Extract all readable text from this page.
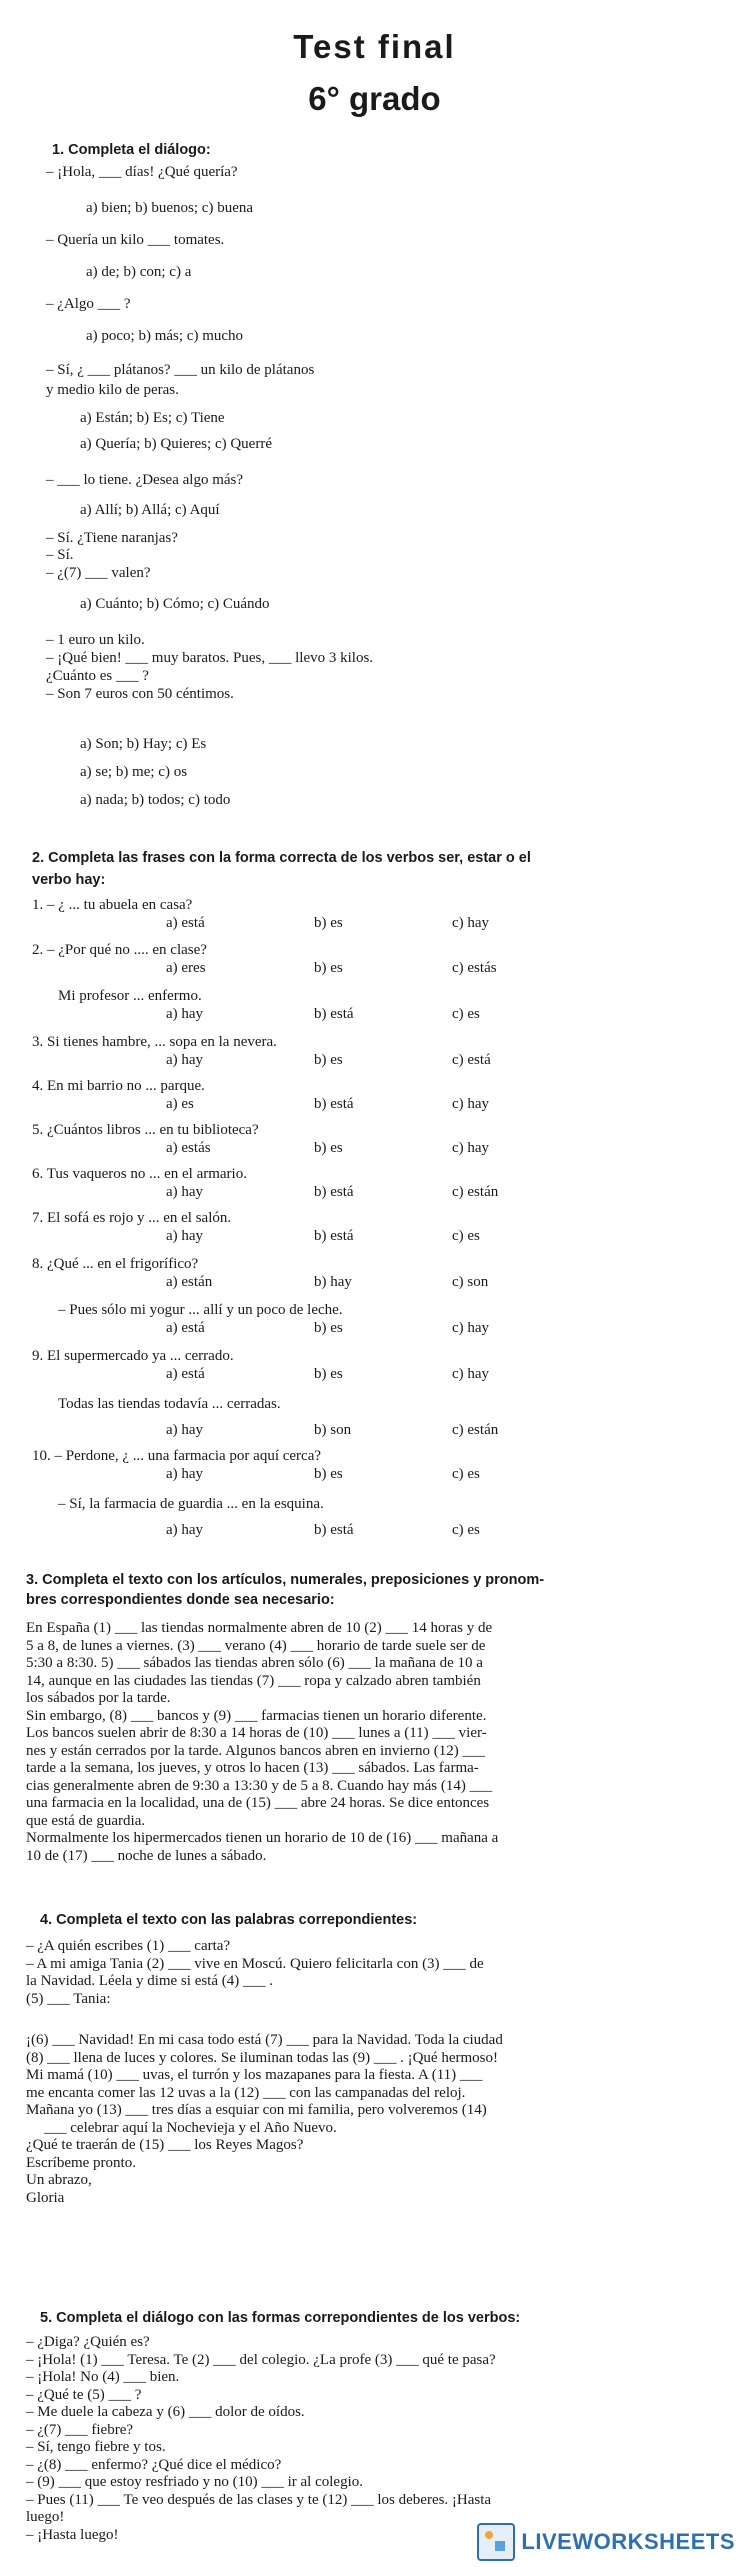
Test final
6° grado
1. Completa el diálogo:
– ¡Hola, ___ días! ¿Qué quería?
a) bien; b) buenos; c) buena
– Quería un kilo ___ tomates.
a) de; b) con; c) a
– ¿Algo ___ ?
a) poco; b) más; c) mucho
– Sí, ¿ ___ plátanos? ___ un kilo de plátanos
y medio kilo de peras.
a) Están; b) Es; c) Tiene
a) Quería; b) Quieres; c) Querré
– ___ lo tiene. ¿Desea algo más?
a) Allí; b) Allá; c) Aquí
– Sí. ¿Tiene naranjas?
– Sí.
– ¿(7) ___ valen?
a) Cuánto; b) Cómo; c) Cuándo
– 1 euro un kilo.
– ¡Qué bien! ___ muy baratos. Pues, ___ llevo 3 kilos.
¿Cuánto es ___ ?
– Son 7 euros con 50 céntimos.
a) Son; b) Hay; c) Es
a) se; b) me; c) os
a) nada; b) todos; c) todo
2. Completa las frases con la forma correcta de los verbos ser, estar o el
verbo hay:
1. – ¿ ... tu abuela en casa?
a) está	b) es	c) hay
2. – ¿Por qué no .... en clase?
a) eres	b) es	c) estás
Mi profesor ... enfermo.
a) hay	b) está	c) es
3. Si tienes hambre, ... sopa en la nevera.
a) hay	b) es	c) está
4. En mi barrio no ... parque.
a) es	b) está	c) hay
5. ¿Cuántos libros ... en tu biblioteca?
a) estás	b) es	c) hay
6. Tus vaqueros no ... en el armario.
a) hay	b) está	c) están
7. El sofá es rojo y ... en el salón.
a) hay	b) está	c) es
8. ¿Qué ... en el frigorífico?
a) están	b) hay	c) son
– Pues sólo mi yogur ... allí y un poco de leche.
a) está	b) es	c) hay
9. El supermercado ya ... cerrado.
a) está	b) es	c) hay
Todas las tiendas todavía ... cerradas.
a) hay	b) son	c) están
10. – Perdone, ¿ ... una farmacia por aquí cerca?
a) hay	b) es	c) es
– Sí, la farmacia de guardia ... en la esquina.
a) hay	b) está	c) es
3. Completa el texto con los artículos, numerales, preposiciones y pronom-
bres correspondientes donde sea necesario:
En España (1) ___ las tiendas normalmente abren de 10 (2) ___ 14 horas y de
5 a 8, de lunes a viernes. (3) ___ verano (4) ___ horario de tarde suele ser de
5:30 a 8:30. 5) ___ sábados las tiendas abren sólo (6) ___ la mañana de 10 a
14, aunque en las ciudades las tiendas (7) ___ ropa y calzado abren también
los sábados por la tarde.
Sin embargo, (8) ___ bancos y (9) ___ farmacias tienen un horario diferente.
Los bancos suelen abrir de 8:30 a 14 horas de (10) ___ lunes a (11) ___ vier-
nes y están cerrados por la tarde. Algunos bancos abren en invierno (12) ___
tarde a la semana, los jueves, y otros lo hacen (13) ___ sábados. Las farma-
cias generalmente abren de 9:30 a 13:30 y de 5 a 8. Cuando hay más (14) ___
una farmacia en la localidad, una de (15) ___ abre 24 horas. Se dice entonces
que está de guardia.
Normalmente los hipermercados tienen un horario de 10 de (16) ___ mañana a
10 de (17) ___ noche de lunes a sábado.
4. Completa el texto con las palabras correpondientes:
– ¿A quién escribes (1) ___ carta?
– A mi amiga Tania (2) ___ vive en Moscú. Quiero felicitarla con (3) ___ de
la Navidad. Léela y dime si está (4) ___ .
(5) ___ Tania:
¡(6) ___ Navidad! En mi casa todo está (7) ___ para la Navidad. Toda la ciudad
(8) ___ llena de luces y colores. Se iluminan todas las (9) ___ . ¡Qué hermoso!
Mi mamá (10) ___ uvas, el turrón y los mazapanes para la fiesta. A (11) ___
me encanta comer las 12 uvas a la (12) ___ con las campanadas del reloj.
Mañana yo (13) ___ tres días a esquiar con mi familia, pero volveremos (14)
___ celebrar aquí la Nochevieja y el Año Nuevo.
¿Qué te traerán de (15) ___ los Reyes Magos?
Escríbeme pronto.
Un abrazo,
Gloria
5. Completa el diálogo con las formas correpondientes de los verbos:
– ¿Diga? ¿Quién es?
– ¡Hola! (1) ___ Teresa. Te (2) ___ del colegio. ¿La profe (3) ___ qué te pasa?
– ¡Hola! No (4) ___ bien.
– ¿Qué te (5) ___ ?
– Me duele la cabeza y (6) ___ dolor de oídos.
– ¿(7) ___ fiebre?
– Sí, tengo fiebre y tos.
– ¿(8) ___ enfermo? ¿Qué dice el médico?
– (9) ___ que estoy resfriado y no (10) ___ ir al colegio.
– Pues (11) ___ Te veo después de las clases y te (12) ___ los deberes. ¡Hasta
luego!
– ¡Hasta luego!	LIVEWORKSHEETS
